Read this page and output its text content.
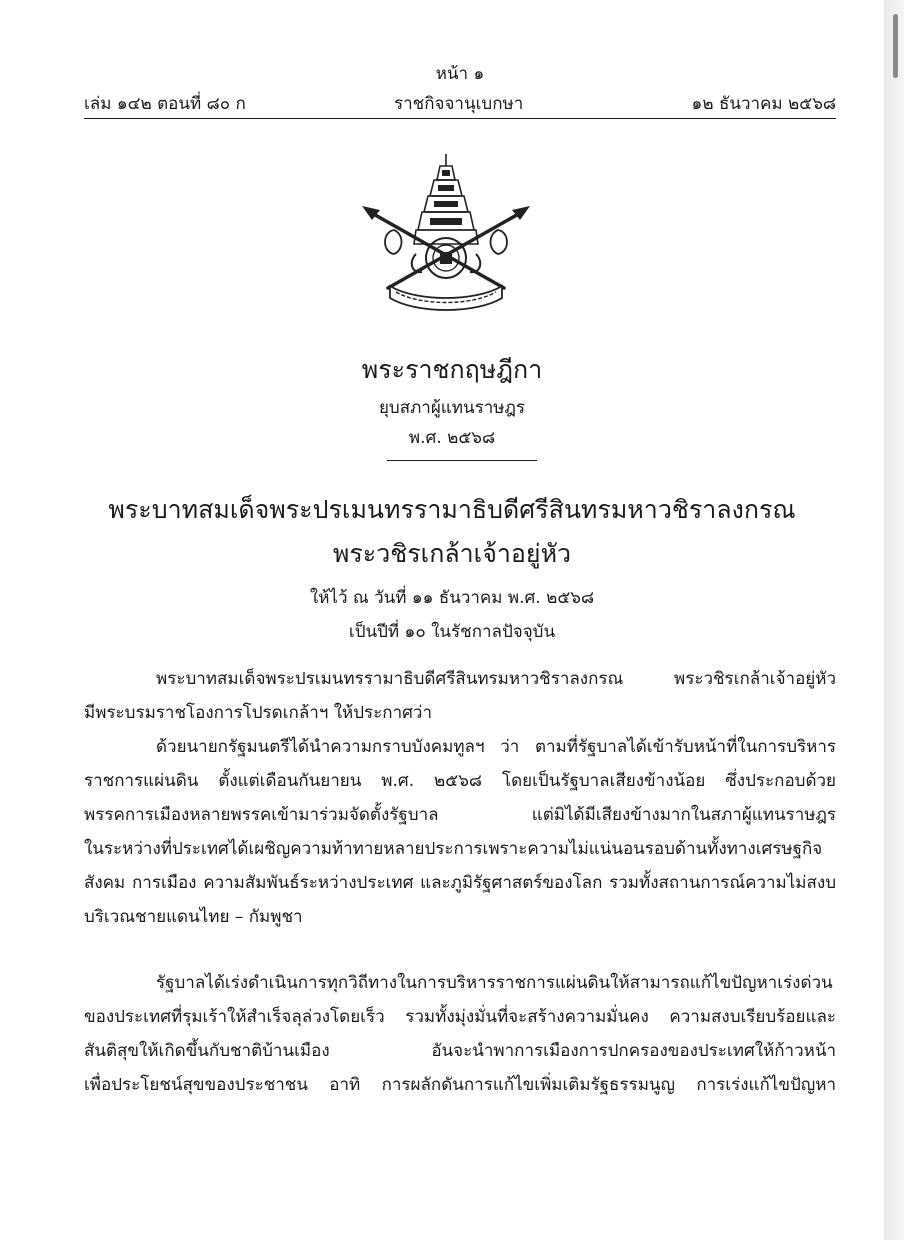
หน้า ๑
เล่ม ๑๔๒ ตอนที่ ๘๐ ก	ราชกิจจานุเบกษา	๑๒ ธันวาคม ๒๕๖๘
พระราชกฤษฎีกา
ยุบสภาผู้แทนราษฎร
พ.ศ. ๒๕๖๘
พระบาทสมเด็จพระปรเมนทรรามาธิบดีศรีสินทรมหาวชิราลงกรณ
พระวชิรเกล้าเจ้าอยู่หัว
ให้ไว้ ณ วันที่ ๑๑ ธันวาคม พ.ศ. ๒๕๖๘
เป็นปีที่ ๑๐ ในรัชกาลปัจจุบัน
พระบาทสมเด็จพระปรเมนทรรามาธิบดีศรีสินทรมหาวชิราลงกรณ พระวชิรเกล้าเจ้าอยู่หัว
มีพระบรมราชโองการโปรดเกล้าฯ ให้ประกาศว่า
ด้วยนายกรัฐมนตรีได้นำความกราบบังคมทูลฯ ว่า ตามที่รัฐบาลได้เข้ารับหน้าที่ในการบริหาร
ราชการแผ่นดิน ตั้งแต่เดือนกันยายน พ.ศ. ๒๕๖๘ โดยเป็นรัฐบาลเสียงข้างน้อย ซึ่งประกอบด้วย
พรรคการเมืองหลายพรรคเข้ามาร่วมจัดตั้งรัฐบาล แต่มิได้มีเสียงข้างมากในสภาผู้แทนราษฎร
ในระหว่างที่ประเทศได้เผชิญความท้าทายหลายประการเพราะความไม่แน่นอนรอบด้านทั้งทางเศรษฐกิจ
สังคม การเมือง ความสัมพันธ์ระหว่างประเทศ และภูมิรัฐศาสตร์ของโลก รวมทั้งสถานการณ์ความไม่สงบ
บริเวณชายแดนไทย – กัมพูชา
รัฐบาลได้เร่งดำเนินการทุกวิถีทางในการบริหารราชการแผ่นดินให้สามารถแก้ไขปัญหาเร่งด่วน
ของประเทศที่รุมเร้าให้สำเร็จลุล่วงโดยเร็ว รวมทั้งมุ่งมั่นที่จะสร้างความมั่นคง ความสงบเรียบร้อยและ
สันติสุขให้เกิดขึ้นกับชาติบ้านเมือง อันจะนำพาการเมืองการปกครองของประเทศให้ก้าวหน้า
เพื่อประโยชน์สุขของประชาชน อาทิ การผลักดันการแก้ไขเพิ่มเติมรัฐธรรมนูญ การเร่งแก้ไขปัญหา
